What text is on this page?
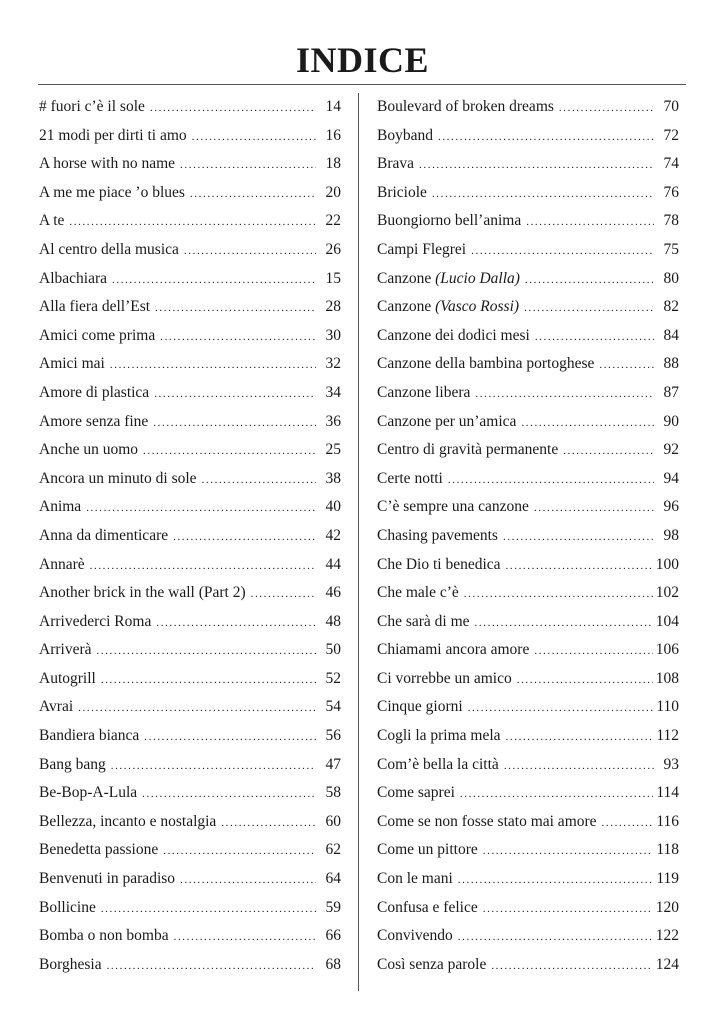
INDICE
# fuori c’è il sole .....	14
21 modi per dirti ti amo .....	16
A horse with no name .....	18
A me me piace ’o blues .....	20
A te .....	22
Al centro della musica .....	26
Albachiara .....	15
Alla fiera dell’Est .....	28
Amici come prima .....	30
Amici mai .....	32
Amore di plastica .....	34
Amore senza fine .....	36
Anche un uomo .....	25
Ancora un minuto di sole .....	38
Anima .....	40
Anna da dimenticare .....	42
Annarè .....	44
Another brick in the wall (Part 2) .....	46
Arrivederci Roma .....	48
Arriverà .....	50
Autogrill .....	52
Avrai .....	54
Bandiera bianca .....	56
Bang bang .....	47
Be-Bop-A-Lula .....	58
Bellezza, incanto e nostalgia .....	60
Benedetta passione .....	62
Benvenuti in paradiso .....	64
Bollicine .....	59
Bomba o non bomba .....	66
Borghesia .....	68
Boulevard of broken dreams .....	70
Boyband .....	72
Brava .....	74
Briciole .....	76
Buongiorno bell’anima .....	78
Campi Flegrei .....	75
Canzone (Lucio Dalla) .....	80
Canzone (Vasco Rossi) .....	82
Canzone dei dodici mesi .....	84
Canzone della bambina portoghese .....	88
Canzone libera .....	87
Canzone per un’amica .....	90
Centro di gravità permanente .....	92
Certe notti .....	94
C’è sempre una canzone .....	96
Chasing pavements .....	98
Che Dio ti benedica .....	100
Che male c’è .....	102
Che sarà di me .....	104
Chiamami ancora amore .....	106
Ci vorrebbe un amico .....	108
Cinque giorni .....	110
Cogli la prima mela .....	112
Com’è bella la città .....	93
Come saprei .....	114
Come se non fosse stato mai amore .....	116
Come un pittore .....	118
Con le mani .....	119
Confusa e felice .....	120
Convivendo .....	122
Così senza parole .....	124
